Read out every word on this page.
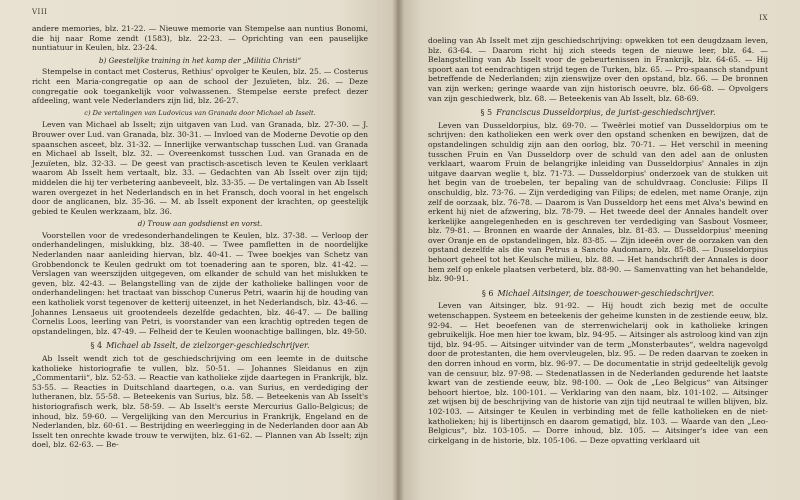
VIII

andere memories, blz. 21-22. — Nieuwe memorie van Stempelse aan nuntius Bonomi, die hij naar Rome zendt (1583), blz. 22-23. — Oprichting van een pauselijke nuntiatuur in Keulen, blz. 23-24.

b) Geestelijke training in het kamp der „Militia Christi“

Stempelse in contact met Costerus, Rethius' opvolger te Keulen, blz. 25. — Costerus richt een Maria-congregatie op aan de school der Jezuïeten, blz. 26. — Deze congregatie ook toegankelijk voor volwassenen. Stempelse eerste prefect dezer afdeeling, want vele Nederlanders zijn lid, blz. 26-27.

c) De vertalingen van Ludovicus van Granada door Michael ab Isselt.

Leven van Michael ab Isselt; zijn uitgaven van Lud. van Granada, blz. 27-30. — J. Brouwer over Lud. van Granada, blz. 30-31. — Invloed van de Moderne Devotie op den spaanschen asceet, blz. 31-32. — Innerlijke verwantschap tusschen Lud. van Granada en Michael ab Isselt, blz. 32. — Overeenkomst tusschen Lud. van Granada en de Jezuïeten, blz. 32-33. — De geest van practisch-ascetisch leven te Keulen verklaart waarom Ab Isselt hem vertaalt, blz. 33. — Gedachten van Ab Isselt over zijn tijd; middelen die hij ter verbetering aanbeveelt, blz. 33-35. — De vertalingen van Ab Isselt waren overgezet in het Nederlandsch en in het Fransch, doch vooral in het engelsch door de anglicanen, blz. 35-36. — M. ab Isselt exponent der krachten, op geestelijk gebied te Keulen werkzaam, blz. 36.

d) Trouw aan godsdienst en vorst.

Voorstellen voor de vredesonderhandelingen te Keulen, blz. 37-38. — Verloop der onderhandelingen, mislukking, blz. 38-40. — Twee pamfletten in de noordelijke Nederlanden naar aanleiding hiervan, blz. 40-41. — Twee boekjes van Schetz van Grobbendonck te Keulen gedrukt om tot toenadering aan te sporen, blz. 41-42. — Verslagen van weerszijden uitgegeven, om elkander de schuld van het mislukken te geven, blz. 42-43. — Belangstelling van de zijde der katholieke ballingen voor de onderhandelingen: het tractaat van bisschop Cunerus Petri, waarin hij de houding van een katholiek vorst tegenover de ketterij uiteenzet, in het Nederlandsch, blz. 43-46. — Johannes Lensaeus uit grootendeels dezelfde gedachten, blz. 46-47. — De balling Cornelis Loos, leerling van Petri, is voorstander van een krachtig optreden tegen de opstandelingen, blz. 47-49. — Felheid der te Keulen woonachtige ballingen, blz. 49-50.

§ 4 Michael ab Isselt, de zielzorger-geschiedschrijver.

Ab Isselt wendt zich tot de geschiedschrijving om een leemte in de duitsche katholieke historiografie te vullen, blz. 50-51. — Johannes Sleidanus en zijn „Commentarii“, blz. 52-53. — Reactie van katholieke zijde daartegen in Frankrijk, blz. 53-55. — Reacties in Duitschland daartegen, o.a. van Surius, en verdediging der lutheranen, blz. 55-58. — Beteekenis van Surius, blz. 58. — Beteekenis van Ab Isselt's historiografisch werk, blz. 58-59. — Ab Isselt's eerste Mercurius Gallo-Belgicus; de inhoud, blz. 59-60. — Vergelijking van den Mercurius in Frankrijk, Engeland en de Nederlanden, blz. 60-61. — Bestrijding en weerlegging in de Nederlanden door aan Ab Isselt ten onrechte kwade trouw te verwijten, blz. 61-62. — Plannen van Ab Isselt; zijn doel, blz. 62-63. — Be-

IX

doeling van Ab Isselt met zijn geschiedschrijving: opwekken tot een deugdzaam leven, blz. 63-64. — Daarom richt hij zich steeds tegen de nieuwe leer, blz. 64. — Belangstelling van Ab Isselt voor de gebeurtenissen in Frankrijk, blz. 64-65. — Hij spoort aan tot eendrachtigen strijd tegen de Turken, blz. 65. — Pro-spaansch standpunt betreffende de Nederlanden; zijn zienswijze over den opstand, blz. 66. — De bronnen van zijn werken; geringe waarde van zijn historisch oeuvre, blz. 66-68. — Opvolgers van zijn geschiedwerk, blz. 68. — Beteekenis van Ab Isselt, blz. 68-69.

§ 5 Franciscus Dusseldorpius, de jurist-geschiedschrijver.

Leven van Dusseldorpius, blz. 69-70. — Tweërlei motief van Dusseldorpius om te schrijven: den katholieken een werk over den opstand schenken en bewijzen, dat de opstandelingen schuldig zijn aan den oorlog, blz. 70-71. — Het verschil in meening tusschen Fruin en Van Dusseldorp over de schuld van den adel aan de onlusten verklaart, waarom Fruin de belangrijke inleiding van Dusseldorpius' Annales in zijn uitgave daarvan weglie t, blz. 71-73. — Dusseldorpius' onderzoek van de stukken uit het begin van de troebelen, ter bepaling van de schuldvraag. Conclusie: Filips II onschuldig, blz. 73-76. — Zijn verdediging van Filips; de edelen, met name Oranje, zijn zelf de oorzaak, blz. 76-78. — Daarom is Van Dusseldorp het eens met Alva's bewind en erkent hij niet de afzwering, blz. 78-79. — Het tweede deel der Annales handelt over kerkelijke aangelegenheden en is geschreven ter verdediging van Sasbout Vosmeer, blz. 79-81. — Bronnen en waarde der Annales, blz. 81-83. — Dusseldorpius' meening over Oranje en de opstandelingen, blz. 83-85. — Zijn ideeën over de oorzaken van den opstand dezelfde als die van Petrus a Sancto Audomaro, blz. 85-88. — Dusseldorpius behoort geheel tot het Keulsche milieu, blz. 88. — Het handschrift der Annales is door hem zelf op enkele plaatsen verbeterd, blz. 88-90. — Samenvatting van het behandelde, blz. 90-91.

§ 6 Michael Aitsinger, de toeschouwer-geschiedschrijver.

Leven van Aitsinger, blz. 91-92. — Hij houdt zich bezig met de occulte wetenschappen. Systeem en beteekenis der geheime kunsten in de zestiende eeuw, blz. 92-94. — Het beoefenen van de sterrenwichelarij ook in katholieke kringen gebruikelijk. Hoe men hier toe kwam, blz. 94-95. — Aitsinger als astroloog kind van zijn tijd, blz. 94-95. — Aitsinger uitvinder van de term „Monsterbautes“, weldra nagevolgd door de protestanten, die hem overvleugelen, blz. 95. — De reden daarvan te zoeken in den dorren inhoud en vorm, blz. 96-97. — De documentatie in strijd gedeeltelijk gevolg van de censuur, blz. 97-98. — Stedenatlassen in de Nederlanden gedurende het laatste kwart van de zestiende eeuw, blz. 98-100. — Ook de „Leo Belgicus“ van Aitsinger behoort hiertoe, blz. 100-101. — Verklaring van den naam, blz. 101-102. — Aitsinger zet wijsen bij de beschrijving van de historie van zijn tijd neutraal te willen blijven, blz. 102-103. — Aitsinger te Keulen in verbinding met de felle katholieken en de niet-katholieken; hij is libertijnsch en daarom gematigd, blz. 103. — Waarde van den „Leo-Belgicus“, blz. 103-105. — Dorre inhoud, blz. 105. — Aitsinger's idee van een cirkelgang in de historie, blz. 105-106. — Deze opvatting verklaard uit
